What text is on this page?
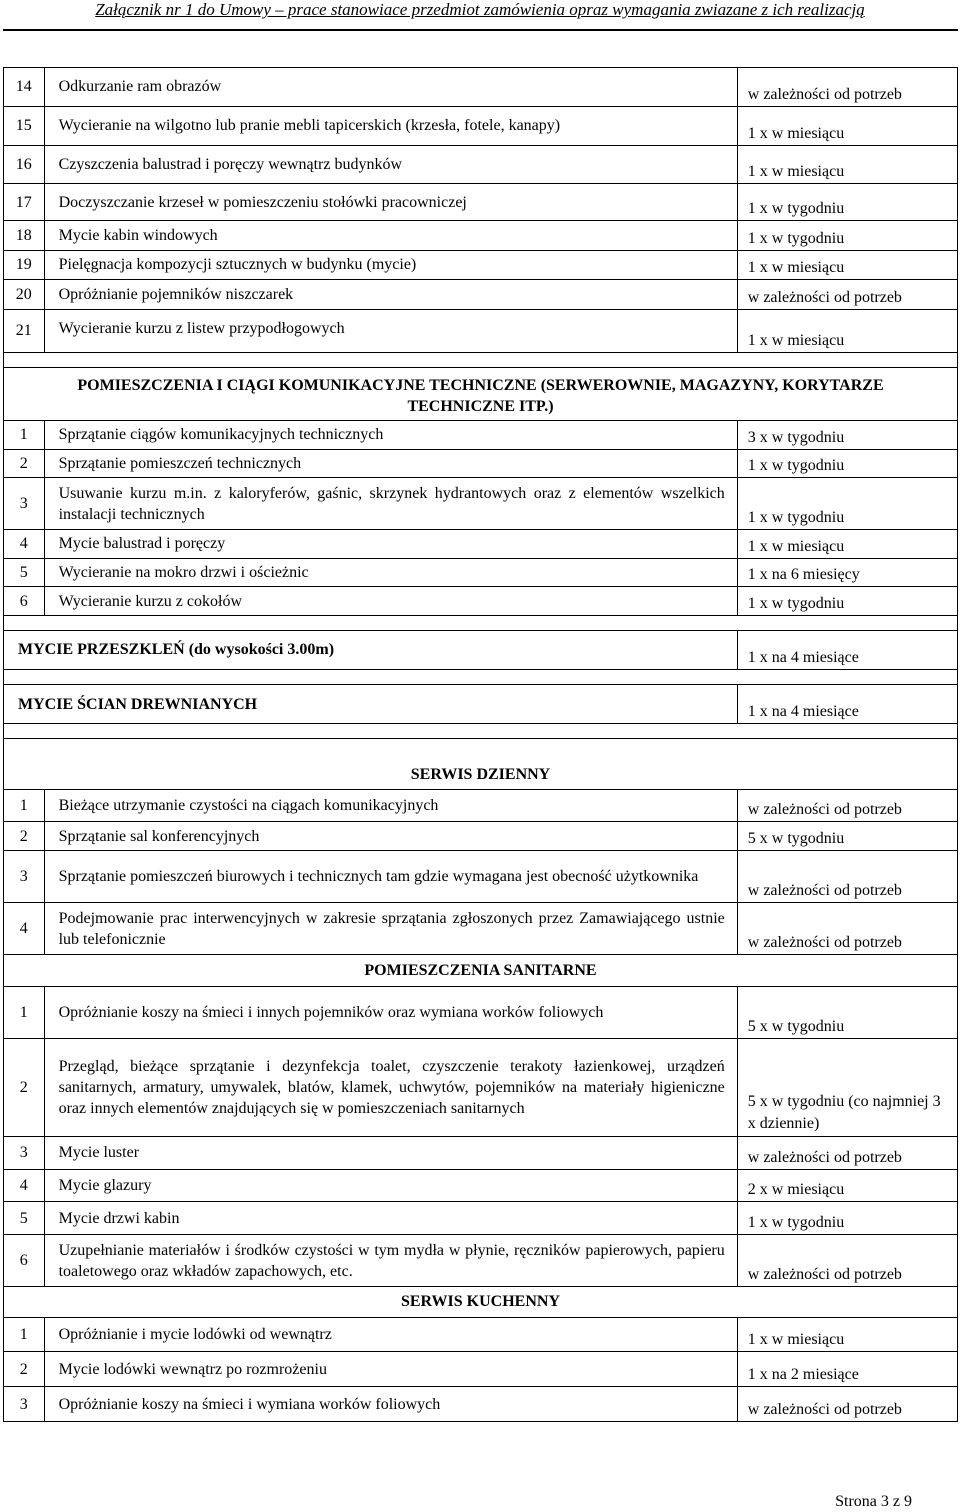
Załącznik nr 1 do Umowy – prace stanowiace przedmiot zamówienia opraz wymagania zwiazane z ich realizacją
14	Odkurzanie ram obrazów	w zależności od potrzeb
15	Wycieranie na wilgotno lub pranie mebli tapicerskich (krzesła, fotele, kanapy)	1 x w miesiącu
16	Czyszczenia balustrad i poręczy wewnątrz budynków	1 x w miesiącu
17	Doczyszczanie krzeseł w pomieszczeniu stołówki pracowniczej	1 x w tygodniu
18	Mycie kabin windowych	1 x w tygodniu
19	Pielęgnacja kompozycji sztucznych w budynku (mycie)	1 x w miesiącu
20	Opróżnianie pojemników niszczarek	w zależności od potrzeb
21	Wycieranie kurzu z listew przypodłogowych	1 x w miesiącu

POMIESZCZENIA I CIĄGI KOMUNIKACYJNE TECHNICZNE (SERWEROWNIE, MAGAZYNY, KORYTARZE TECHNICZNE ITP.)		
1	Sprzątanie ciągów komunikacyjnych technicznych	3 x w tygodniu
2	Sprzątanie pomieszczeń technicznych	1 x w tygodniu
3	Usuwanie kurzu m.in. z kaloryferów, gaśnic, skrzynek hydrantowych oraz z elementów wszelkich instalacji technicznych	1 x w tygodniu
4	Mycie balustrad i poręczy	1 x w miesiącu
5	Wycieranie na mokro drzwi i ościeżnic	1 x na 6 miesięcy
6	Wycieranie kurzu z cokołów	1 x w tygodniu

MYCIE PRZESZKLEŃ (do wysokości 3.00m)		1 x na 4 miesiące

MYCIE ŚCIAN DREWNIANYCH		1 x na 4 miesiące

SERWIS DZIENNY		
1	Bieżące utrzymanie czystości na ciągach komunikacyjnych	w zależności od potrzeb
2	Sprzątanie sal konferencyjnych	5 x w tygodniu
3	Sprzątanie pomieszczeń biurowych i technicznych tam gdzie wymagana jest obecność użytkownika	w zależności od potrzeb
4	Podejmowanie prac interwencyjnych w zakresie sprzątania zgłoszonych przez Zamawiającego ustnie lub telefonicznie	w zależności od potrzeb
POMIESZCZENIA SANITARNE		
1	Opróżnianie koszy na śmieci i innych pojemników oraz wymiana worków foliowych	5 x w tygodniu
2	Przegląd, bieżące sprzątanie i dezynfekcja toalet, czyszczenie terakoty łazienkowej, urządzeń sanitarnych, armatury, umywalek, blatów, klamek, uchwytów, pojemników na materiały higieniczne oraz innych elementów znajdujących się w pomieszczeniach sanitarnych	5 x w tygodniu (co najmniej 3 x dziennie)
3	Mycie luster	w zależności od potrzeb
4	Mycie glazury	2 x w miesiącu
5	Mycie drzwi kabin	1 x w tygodniu
6	Uzupełnianie materiałów i środków czystości w tym mydła w płynie, ręczników papierowych, papieru toaletowego oraz wkładów zapachowych, etc.	w zależności od potrzeb
SERWIS KUCHENNY		
1	Opróżnianie i mycie lodówki od wewnątrz	1 x w miesiącu
2	Mycie lodówki wewnątrz po rozmrożeniu	1 x na 2 miesiące
3	Opróżnianie koszy na śmieci i wymiana worków foliowych	w zależności od potrzeb
Strona 3 z 9
